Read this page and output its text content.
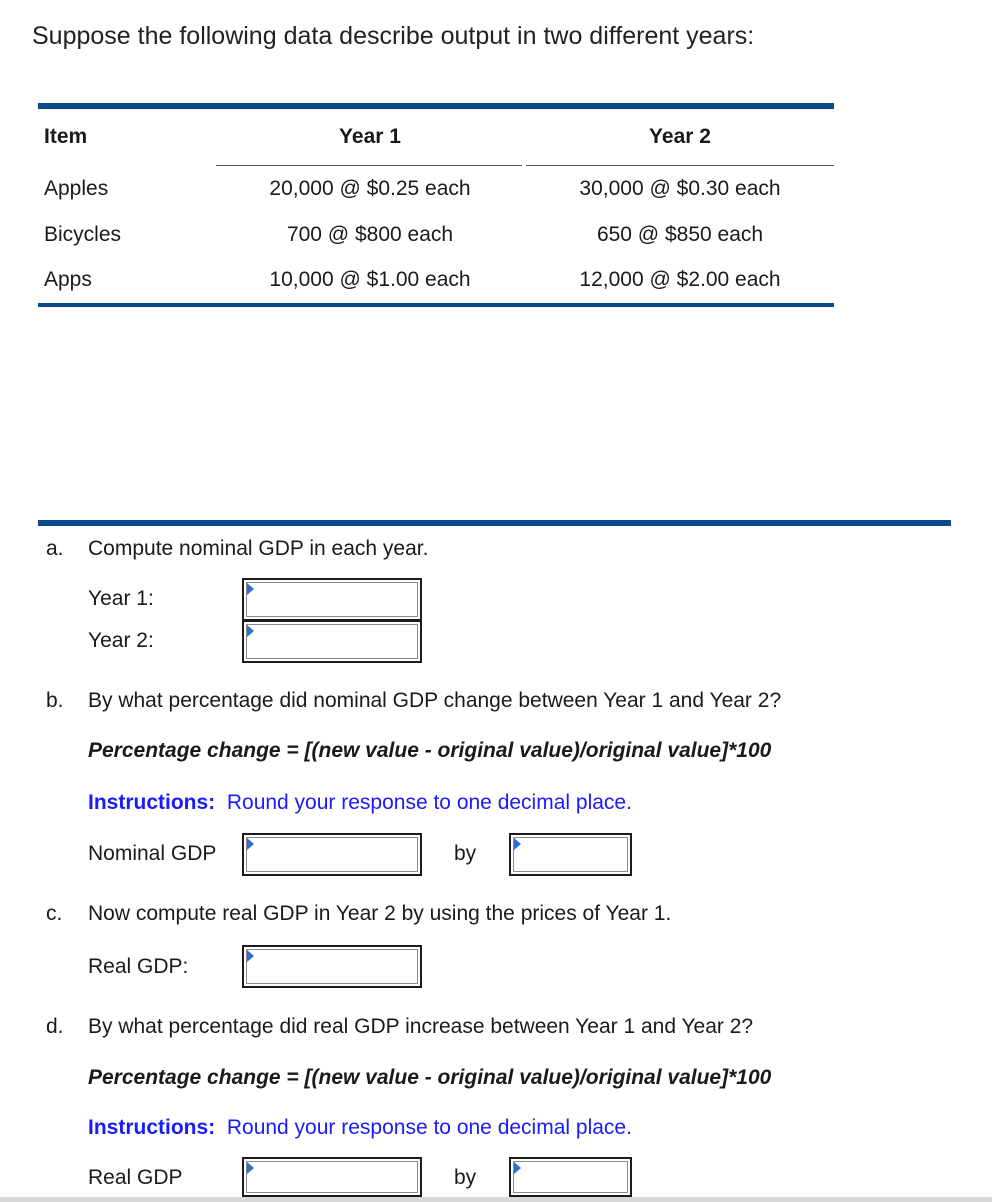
Suppose the following data describe output in two different years:
Item	Year 1	Year 2
Apples	20,000 @ $0.25 each	30,000 @ $0.30 each
Bicycles	700 @ $800 each	650 @ $850 each
Apps	10,000 @ $1.00 each	12,000 @ $2.00 each
a. Compute nominal GDP in each year.
Year 1:
Year 2:
b. By what percentage did nominal GDP change between Year 1 and Year 2?
Percentage change = [(new value - original value)/original value]*100
Instructions: Round your response to one decimal place.
Nominal GDP	by
c. Now compute real GDP in Year 2 by using the prices of Year 1.
Real GDP:
d. By what percentage did real GDP increase between Year 1 and Year 2?
Percentage change = [(new value - original value)/original value]*100
Instructions: Round your response to one decimal place.
Real GDP	by
